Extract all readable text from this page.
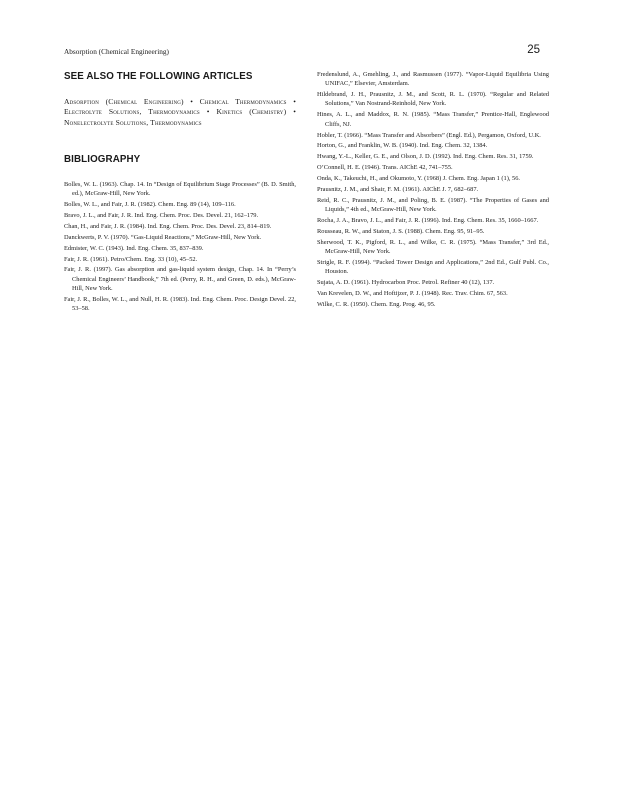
Absorption (Chemical Engineering)	25
SEE ALSO THE FOLLOWING ARTICLES

Adsorption (Chemical Engineering) • Chemical Thermodynamics • Electrolyte Solutions, Thermodynamics • Kinetics (Chemistry) • Nonelectrolyte Solutions, Thermodynamics

BIBLIOGRAPHY
Bolles, W. L. (1963). Chap. 14. In “Design of Equilibrium Stage Processes” (B. D. Smith, ed.), McGraw-Hill, New York.
Bolles, W. L., and Fair, J. R. (1982). Chem. Eng. 89 (14), 109–116.
Bravo, J. L., and Fair, J. R. Ind. Eng. Chem. Proc. Des. Devel. 21, 162–179.
Chan, H., and Fair, J. R. (1984). Ind. Eng. Chem. Proc. Des. Devel. 23, 814–819.
Danckwerts, P. V. (1970). “Gas-Liquid Reactions,” McGraw-Hill, New York.
Edmister, W. C. (1943). Ind. Eng. Chem. 35, 837–839.
Fair, J. R. (1961). Petro/Chem. Eng. 33 (10), 45–52.
Fair, J. R. (1997). Gas absorption and gas-liquid system design, Chap. 14. In “Perry’s Chemical Engineers’ Handbook,” 7th ed. (Perry, R. H., and Green, D. eds.), McGraw-Hill, New York.
Fair, J. R., Bolles, W. L., and Null, H. R. (1983). Ind. Eng. Chem. Proc. Design Devel. 22, 53–58.
Fredenslund, A., Gmehling, J., and Rasmussen (1977). “Vapor-Liquid Equilibria Using UNIFAC,” Elsevier, Amsterdam.
Hildebrand, J. H., Prausnitz, J. M., and Scott, R. L. (1970). “Regular and Related Solutions,” Van Nostrand-Reinhold, New York.
Hines, A. L., and Maddox, R. N. (1985). “Mass Transfer,” Prentice-Hall, Englewood Cliffs, NJ.
Hobler, T. (1966). “Mass Transfer and Absorbers” (Engl. Ed.), Pergamon, Oxford, U.K.
Horton, G., and Franklin, W. B. (1940). Ind. Eng. Chem. 32, 1384.
Hwang, Y.-L., Keller, G. E., and Olson, J. D. (1992). Ind. Eng. Chem. Res. 31, 1759.
O’Connell, H. E. (1946). Trans. AIChE 42, 741–755.
Onda, K., Takeuchi, H., and Okumoto, Y. (1968) J. Chem. Eng. Japan 1 (1), 56.
Prausnitz, J. M., and Shair, F. M. (1961). AIChE J. 7, 682–687.
Reid, R. C., Prausnitz, J. M., and Poling, B. E. (1987). “The Properties of Gases and Liquids,” 4th ed., McGraw-Hill, New York.
Rocha, J. A., Bravo, J. L., and Fair, J. R. (1996). Ind. Eng. Chem. Res. 35, 1660–1667.
Rousseau, R. W., and Staton, J. S. (1988). Chem. Eng. 95, 91–95.
Sherwood, T. K., Pigford, R. L., and Wilke, C. R. (1975). “Mass Transfer,” 3rd Ed., McGraw-Hill, New York.
Strigle, R. F. (1994). “Packed Tower Design and Applications,” 2nd Ed., Gulf Publ. Co., Houston.
Sujata, A. D. (1961). Hydrocarbon Proc. Petrol. Refiner 40 (12), 137.
Van Krevelen, D. W., and Hoftijzer, P. J. (1948). Rec. Trav. Chim. 67, 563.
Wilke, C. R. (1950). Chem. Eng. Prog. 46, 95.
